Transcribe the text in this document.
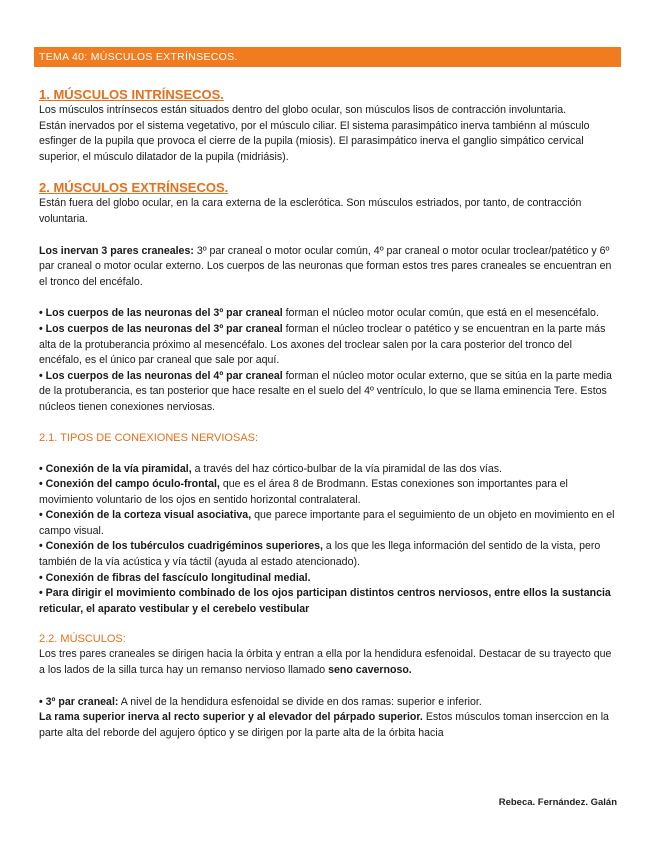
TEMA 40: MÚSCULOS EXTRÍNSECOS.

1. MÚSCULOS INTRÍNSECOS.

Los músculos intrínsecos están situados dentro del globo ocular, son músculos lisos de contracción involuntaria.

Están inervados por el sistema vegetativo, por el músculo ciliar. El sistema parasimpático inerva tambiénn al músculo esfinger de la pupila que provoca el cierre de la pupila (miosis). El parasimpático inerva el ganglio simpático cervical superior, el músculo dilatador de la pupila (midriásis).

2. MÚSCULOS EXTRÍNSECOS.

Están fuera del globo ocular, en la cara externa de la esclerótica. Son músculos estriados, por tanto, de contracción voluntaria.

Los inervan 3 pares craneales: 3º par craneal o motor ocular común, 4º par craneal o motor ocular troclear/patético y 6º par craneal o motor ocular externo. Los cuerpos de las neuronas que forman estos tres pares craneales se encuentran en el tronco del encéfalo.

• Los cuerpos de las neuronas del 3º par craneal forman el núcleo motor ocular común, que está en el mesencéfalo.

• Los cuerpos de las neuronas del 3º par craneal forman el núcleo troclear o patético y se encuentran en la parte más alta de la protuberancia próximo al mesencéfalo. Los axones del troclear salen por la cara posterior del tronco del encéfalo, es el único par craneal que sale por aquí.

• Los cuerpos de las neuronas del 4º par craneal forman el núcleo motor ocular externo, que se sitúa en la parte media de la protuberancia, es tan posterior que hace resalte en el suelo del 4º ventrículo, lo que se llama eminencia Tere. Estos núcleos tienen conexiones nerviosas.

2.1. TIPOS DE CONEXIONES NERVIOSAS:

• Conexión de la vía piramidal, a través del haz córtico-bulbar de la vía piramidal de las dos vías.

• Conexión del campo óculo-frontal, que es el área 8 de Brodmann. Estas conexiones son importantes para el movimiento voluntario de los ojos en sentido horizontal contralateral.

• Conexión de la corteza visual asociativa, que parece importante para el seguimiento de un objeto en movimiento en el campo visual.

• Conexión de los tubérculos cuadrigéminos superiores, a los que les llega información del sentido de la vista, pero también de la vía acústica y vía táctil (ayuda al estado atencionado).

• Conexión de fibras del fascículo longitudinal medial.

• Para dirigir el movimiento combinado de los ojos participan distintos centros nerviosos, entre ellos la sustancia reticular, el aparato vestibular y el cerebelo vestibular

2.2. MÚSCULOS:

Los tres pares craneales se dirigen hacia la órbita y entran a ella por la hendidura esfenoidal. Destacar de su trayecto que a los lados de la silla turca hay un remanso nervioso llamado seno cavernoso.

• 3º par craneal: A nivel de la hendidura esfenoidal se divide en dos ramas: superior e inferior.

La rama superior inerva al recto superior y al elevador del párpado superior. Estos músculos toman inserccion en la parte alta del reborde del agujero óptico y se dirigen por la parte alta de la órbita hacia

Rebeca. Fernández. Galán
